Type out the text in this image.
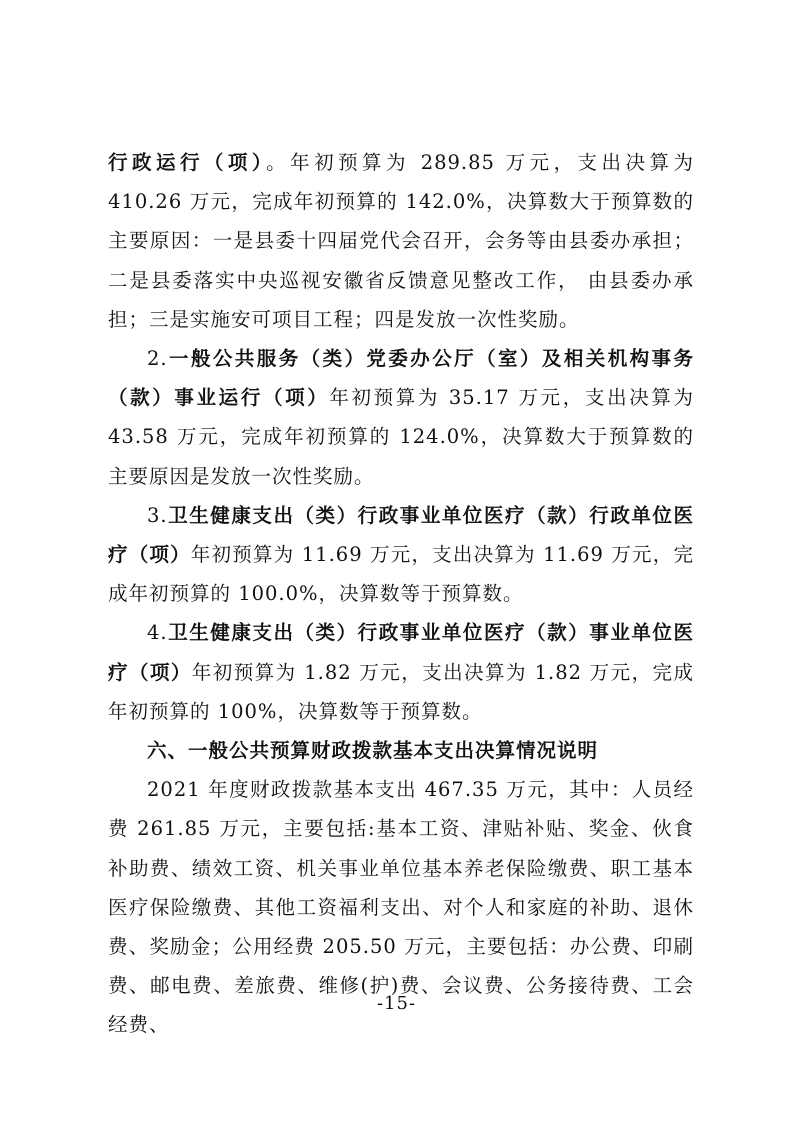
行政运行（项）。年初预算为 289.85 万元，支出决算为 410.26 万元，完成年初预算的 142.0%，决算数大于预算数的主要原因：一是县委十四届党代会召开，会务等由县委办承担；二是县委落实中央巡视安徽省反馈意见整改工作， 由县委办承担；三是实施安可项目工程；四是发放一次性奖励。

2.一般公共服务（类）党委办公厅（室）及相关机构事务（款）事业运行（项）年初预算为 35.17 万元，支出决算为 43.58 万元，完成年初预算的 124.0%，决算数大于预算数的主要原因是发放一次性奖励。

3.卫生健康支出（类）行政事业单位医疗（款）行政单位医疗（项）年初预算为 11.69 万元，支出决算为 11.69 万元，完成年初预算的 100.0%，决算数等于预算数。

4.卫生健康支出（类）行政事业单位医疗（款）事业单位医疗（项）年初预算为 1.82 万元，支出决算为 1.82 万元，完成年初预算的 100%，决算数等于预算数。

六、一般公共预算财政拨款基本支出决算情况说明

2021 年度财政拨款基本支出 467.35 万元，其中：人员经费 261.85 万元，主要包括:基本工资、津贴补贴、奖金、伙食补助费、绩效工资、机关事业单位基本养老保险缴费、职工基本医疗保险缴费、其他工资福利支出、对个人和家庭的补助、退休费、奖励金；公用经费 205.50 万元，主要包括：办公费、印刷费、邮电费、差旅费、维修(护)费、会议费、公务接待费、工会经费、

-15-
